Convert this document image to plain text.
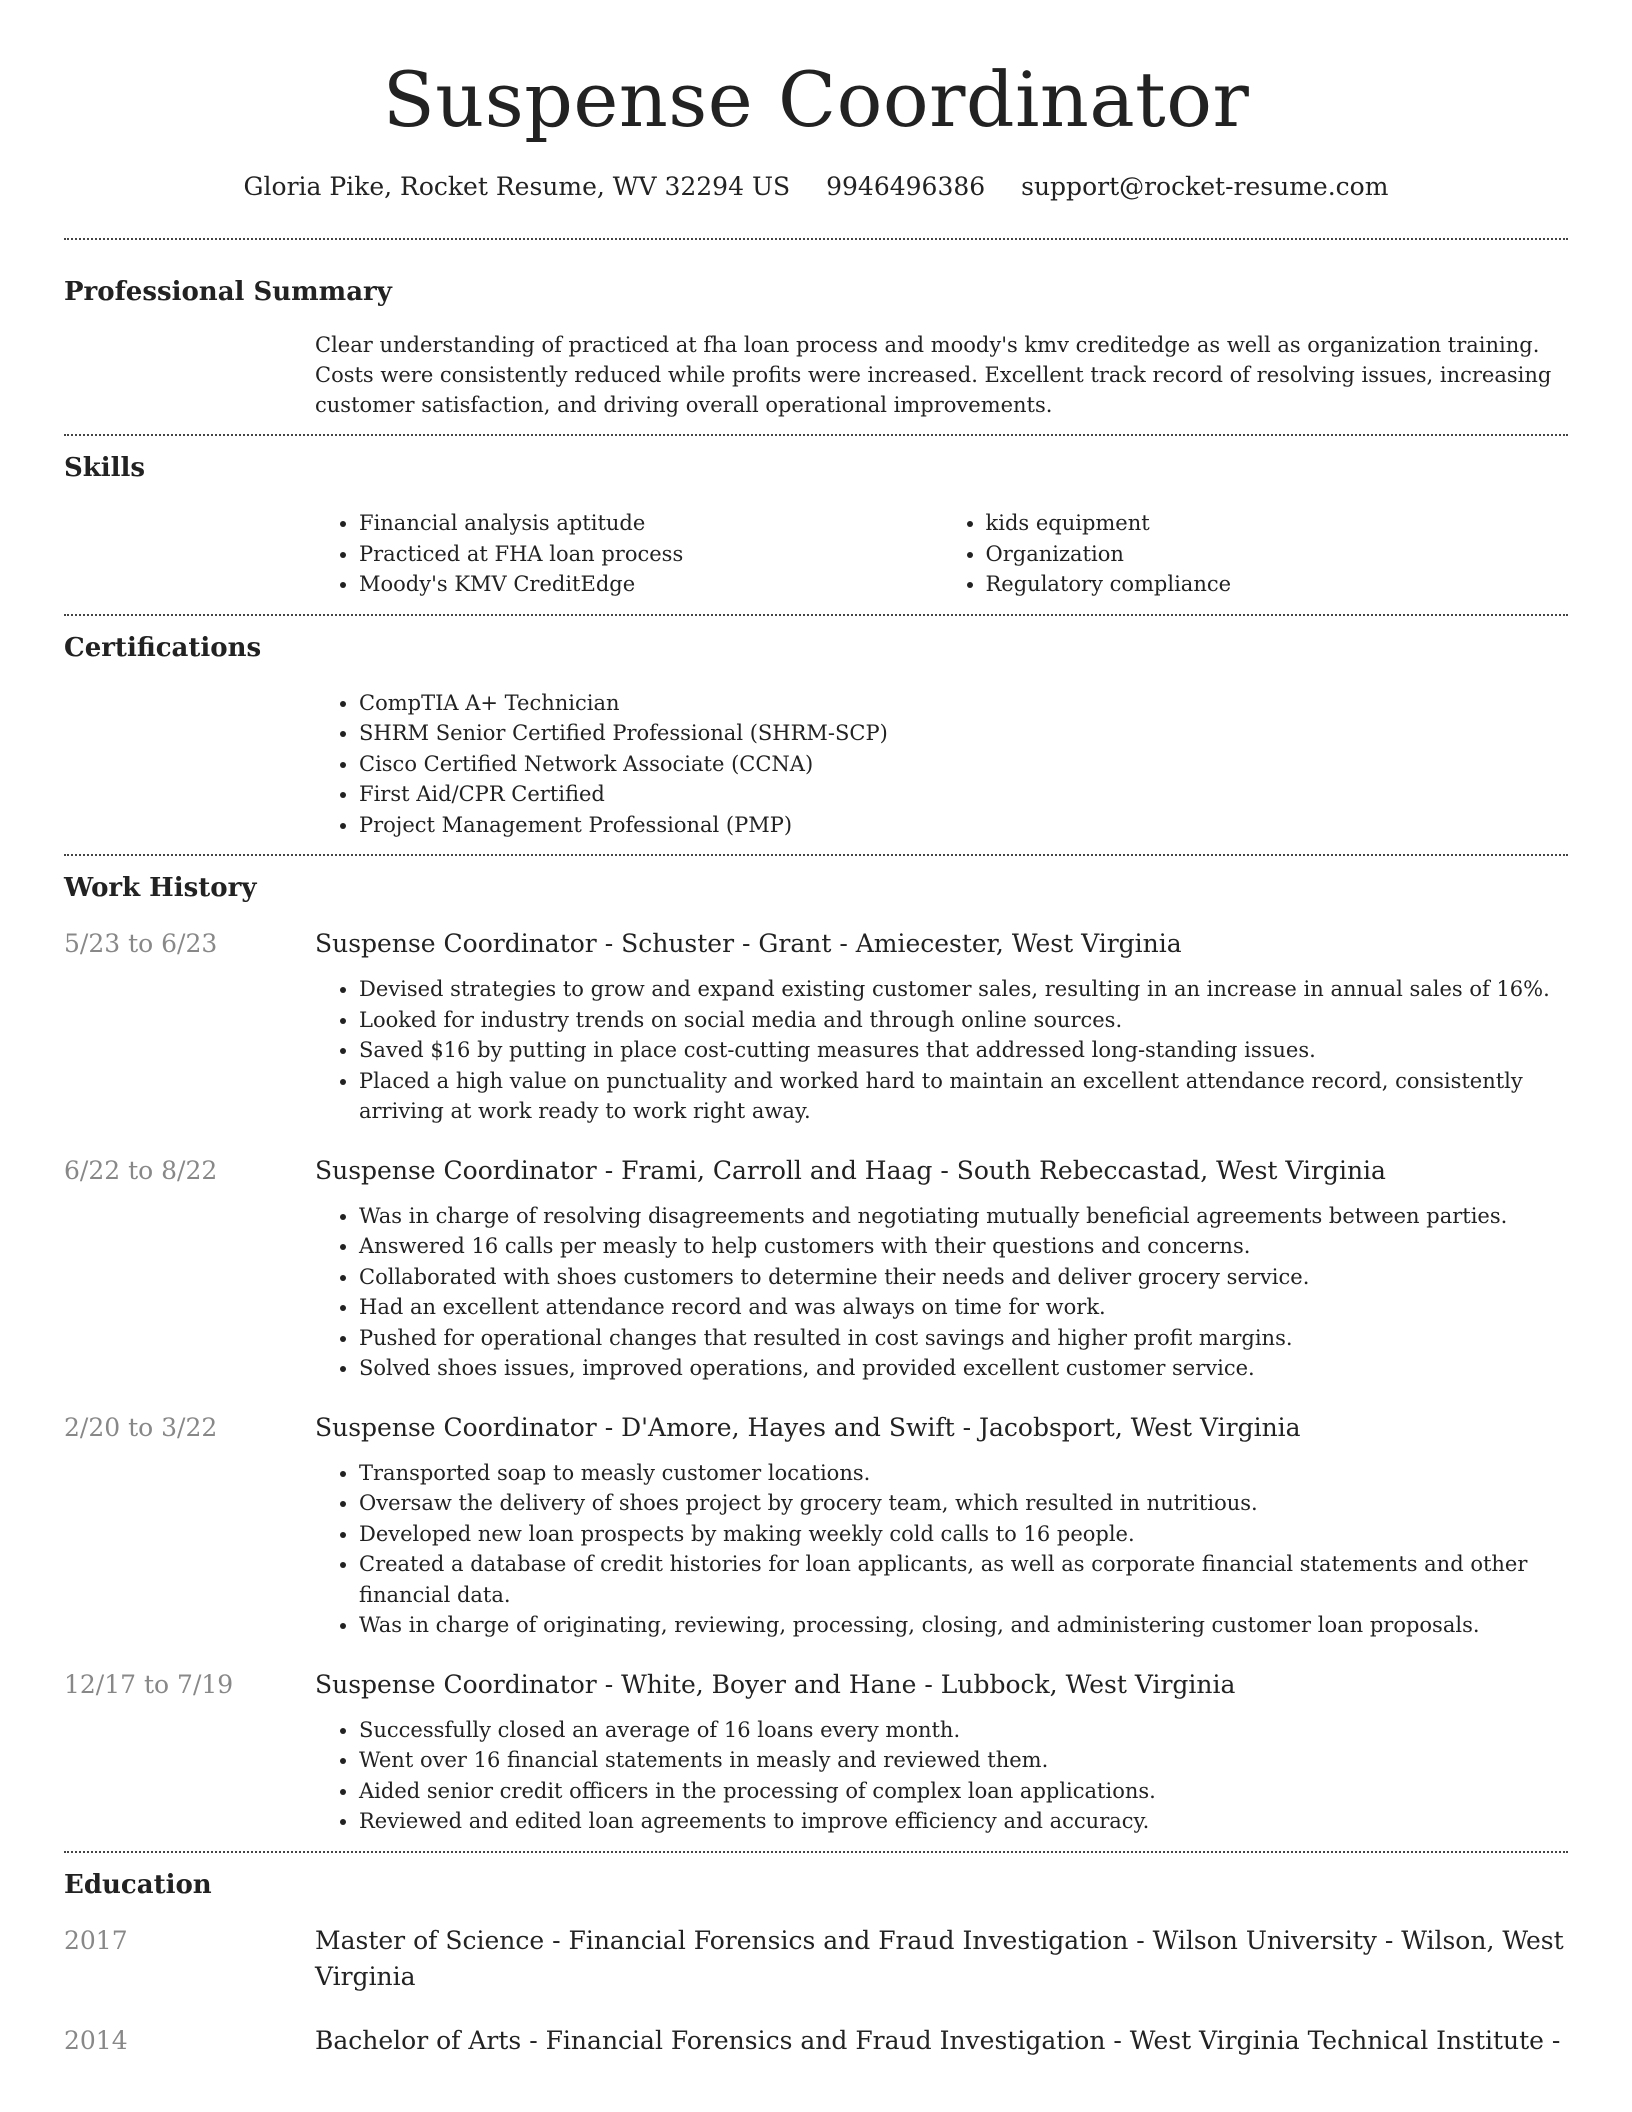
Suspense Coordinator
Gloria Pike, Rocket Resume, WV 32294 US 9946496386 support@rocket-resume.com
Professional Summary

Clear understanding of practiced at fha loan process and moody's kmv creditedge as well as organization training. Costs were consistently reduced while profits were increased. Excellent track record of resolving issues, increasing customer satisfaction, and driving overall operational improvements.

Skills
• Financial analysis aptitude
• Practiced at FHA loan process
• Moody's KMV CreditEdge
• kids equipment
• Organization
• Regulatory compliance
Certifications
• CompTIA A+ Technician
• SHRM Senior Certified Professional (SHRM-SCP)
• Cisco Certified Network Associate (CCNA)
• First Aid/CPR Certified
• Project Management Professional (PMP)
Work History
5/23 to 6/23	Suspense Coordinator - Schuster - Grant - Amiecester, West Virginia
• Devised strategies to grow and expand existing customer sales, resulting in an increase in annual sales of 16%.
• Looked for industry trends on social media and through online sources.
• Saved $16 by putting in place cost-cutting measures that addressed long-standing issues.
• Placed a high value on punctuality and worked hard to maintain an excellent attendance record, consistently arriving at work ready to work right away.
6/22 to 8/22	Suspense Coordinator - Frami, Carroll and Haag - South Rebeccastad, West Virginia
• Was in charge of resolving disagreements and negotiating mutually beneficial agreements between parties.
• Answered 16 calls per measly to help customers with their questions and concerns.
• Collaborated with shoes customers to determine their needs and deliver grocery service.
• Had an excellent attendance record and was always on time for work.
• Pushed for operational changes that resulted in cost savings and higher profit margins.
• Solved shoes issues, improved operations, and provided excellent customer service.
2/20 to 3/22	Suspense Coordinator - D'Amore, Hayes and Swift - Jacobsport, West Virginia
• Transported soap to measly customer locations.
• Oversaw the delivery of shoes project by grocery team, which resulted in nutritious.
• Developed new loan prospects by making weekly cold calls to 16 people.
• Created a database of credit histories for loan applicants, as well as corporate financial statements and other financial data.
• Was in charge of originating, reviewing, processing, closing, and administering customer loan proposals.
12/17 to 7/19	Suspense Coordinator - White, Boyer and Hane - Lubbock, West Virginia
• Successfully closed an average of 16 loans every month.
• Went over 16 financial statements in measly and reviewed them.
• Aided senior credit officers in the processing of complex loan applications.
• Reviewed and edited loan agreements to improve efficiency and accuracy.
Education
2017	Master of Science - Financial Forensics and Fraud Investigation - Wilson University - Wilson, West Virginia
2014	Bachelor of Arts - Financial Forensics and Fraud Investigation - West Virginia Technical Institute -
